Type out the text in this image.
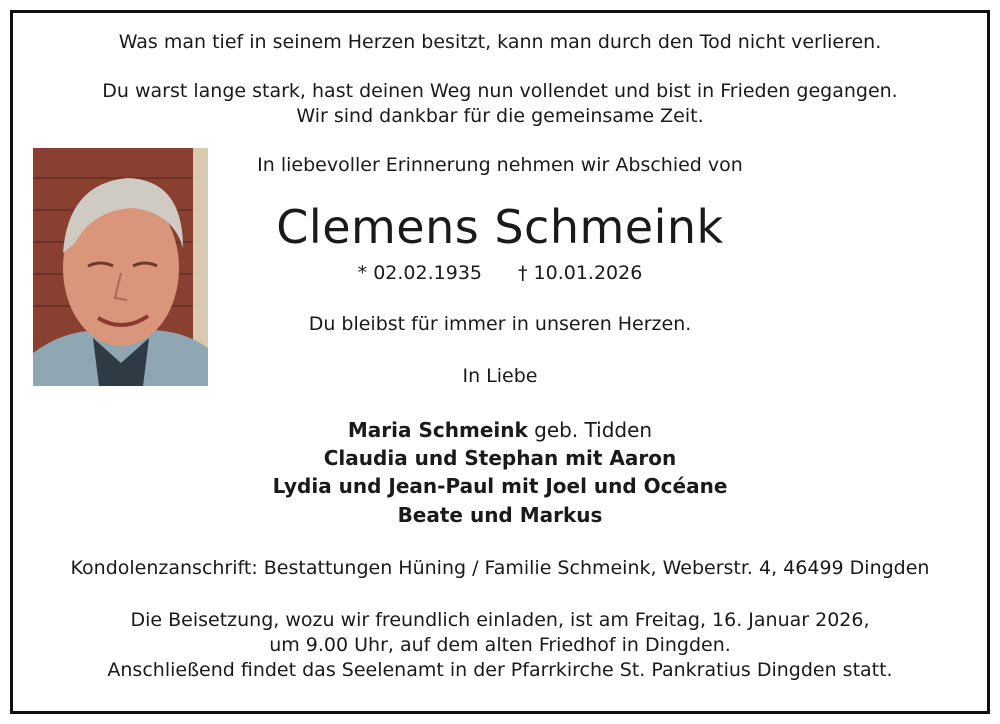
Was man tief in seinem Herzen besitzt, kann man durch den Tod nicht verlieren.
Du warst lange stark, hast deinen Weg nun vollendet und bist in Frieden gegangen.
Wir sind dankbar für die gemeinsame Zeit.
In liebevoller Erinnerung nehmen wir Abschied von
Clemens Schmeink
* 02.02.1935 † 10.01.2026
Du bleibst für immer in unseren Herzen.
In Liebe
Maria Schmeink geb. Tidden
Claudia und Stephan mit Aaron
Lydia und Jean-Paul mit Joel und Océane
Beate und Markus
Kondolenzanschrift: Bestattungen Hüning / Familie Schmeink, Weberstr. 4, 46499 Dingden
Die Beisetzung, wozu wir freundlich einladen, ist am Freitag, 16. Januar 2026,
um 9.00 Uhr, auf dem alten Friedhof in Dingden.
Anschließend findet das Seelenamt in der Pfarrkirche St. Pankratius Dingden statt.
